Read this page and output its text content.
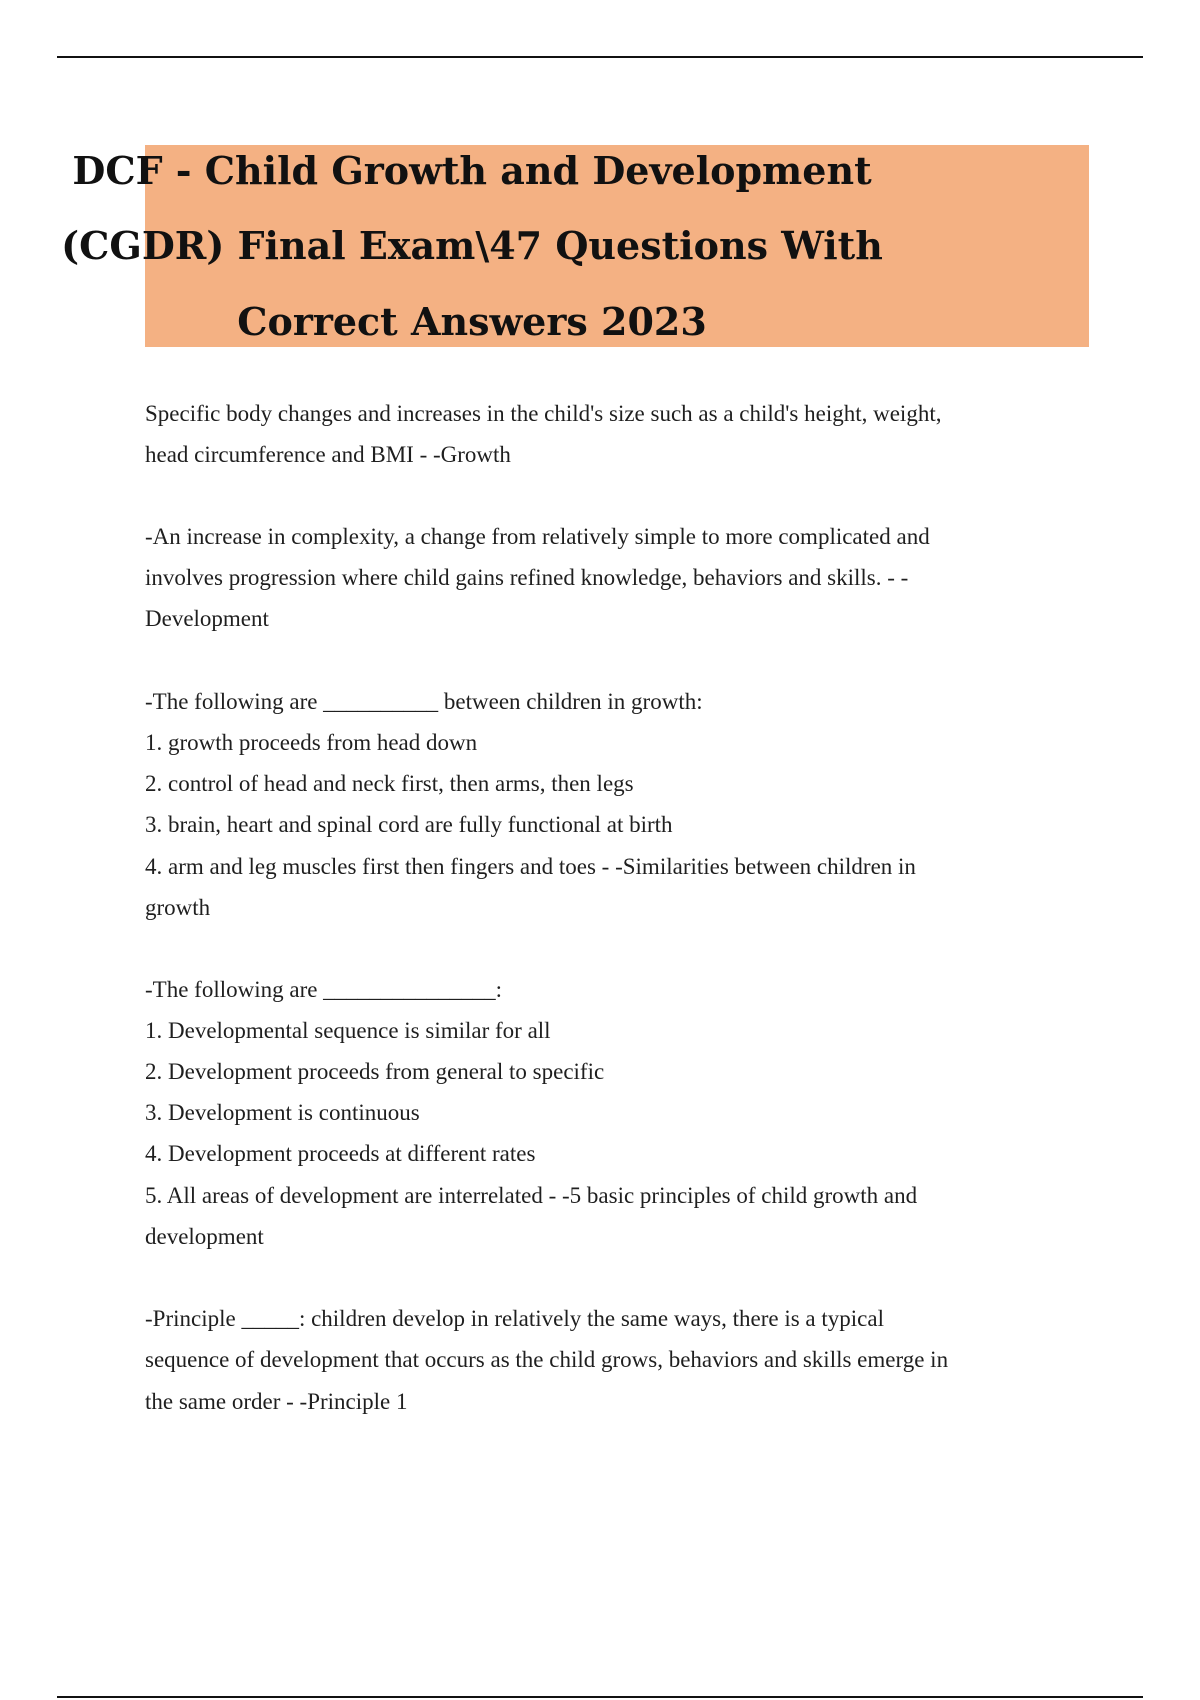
DCF - Child Growth and Development
(CGDR) Final Exam\47 Questions With
Correct Answers 2023
Specific body changes and increases in the child's size such as a child's height, weight,
head circumference and BMI - -Growth
-An increase in complexity, a change from relatively simple to more complicated and
involves progression where child gains refined knowledge, behaviors and skills. - -
Development
-The following are __________ between children in growth:
1. growth proceeds from head down
2. control of head and neck first, then arms, then legs
3. brain, heart and spinal cord are fully functional at birth
4. arm and leg muscles first then fingers and toes - -Similarities between children in
growth
-The following are _______________:
1. Developmental sequence is similar for all
2. Development proceeds from general to specific
3. Development is continuous
4. Development proceeds at different rates
5. All areas of development are interrelated - -5 basic principles of child growth and
development
-Principle _____: children develop in relatively the same ways, there is a typical
sequence of development that occurs as the child grows, behaviors and skills emerge in
the same order - -Principle 1
